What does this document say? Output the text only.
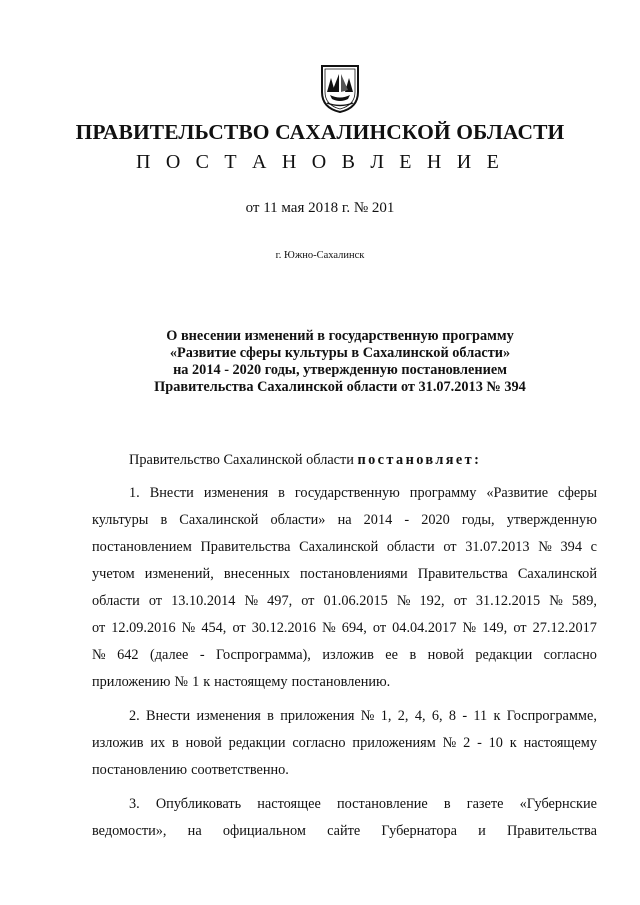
ПРАВИТЕЛЬСТВО САХАЛИНСКОЙ ОБЛАСТИ
П О С Т А Н О В Л Е Н И Е
от 11 мая 2018 г. № 201
г. Южно-Сахалинск
О внесении изменений в государственную программу
«Развитие сферы культуры в Сахалинской области»
на 2014 - 2020 годы, утвержденную постановлением
Правительства Сахалинской области от 31.07.2013 № 394
Правительство Сахалинской области постановляет:
1. Внести изменения в государственную программу «Развитие сферы
культуры в Сахалинской области» на 2014 - 2020 годы, утвержденную
постановлением Правительства Сахалинской области от 31.07.2013 № 394 с
учетом изменений, внесенных постановлениями Правительства Сахалинской
области от 13.10.2014 № 497, от 01.06.2015 № 192, от 31.12.2015 № 589,
от 12.09.2016 № 454, от 30.12.2016 № 694, от 04.04.2017 № 149, от 27.12.2017
№ 642 (далее - Госпрограмма), изложив ее в новой редакции согласно
приложению № 1 к настоящему постановлению.
2. Внести изменения в приложения № 1, 2, 4, 6, 8 - 11 к Госпрограмме,
изложив их в новой редакции согласно приложениям № 2 - 10 к настоящему
постановлению соответственно.
3. Опубликовать настоящее постановление в газете «Губернские
ведомости», на официальном сайте Губернатора и Правительства
